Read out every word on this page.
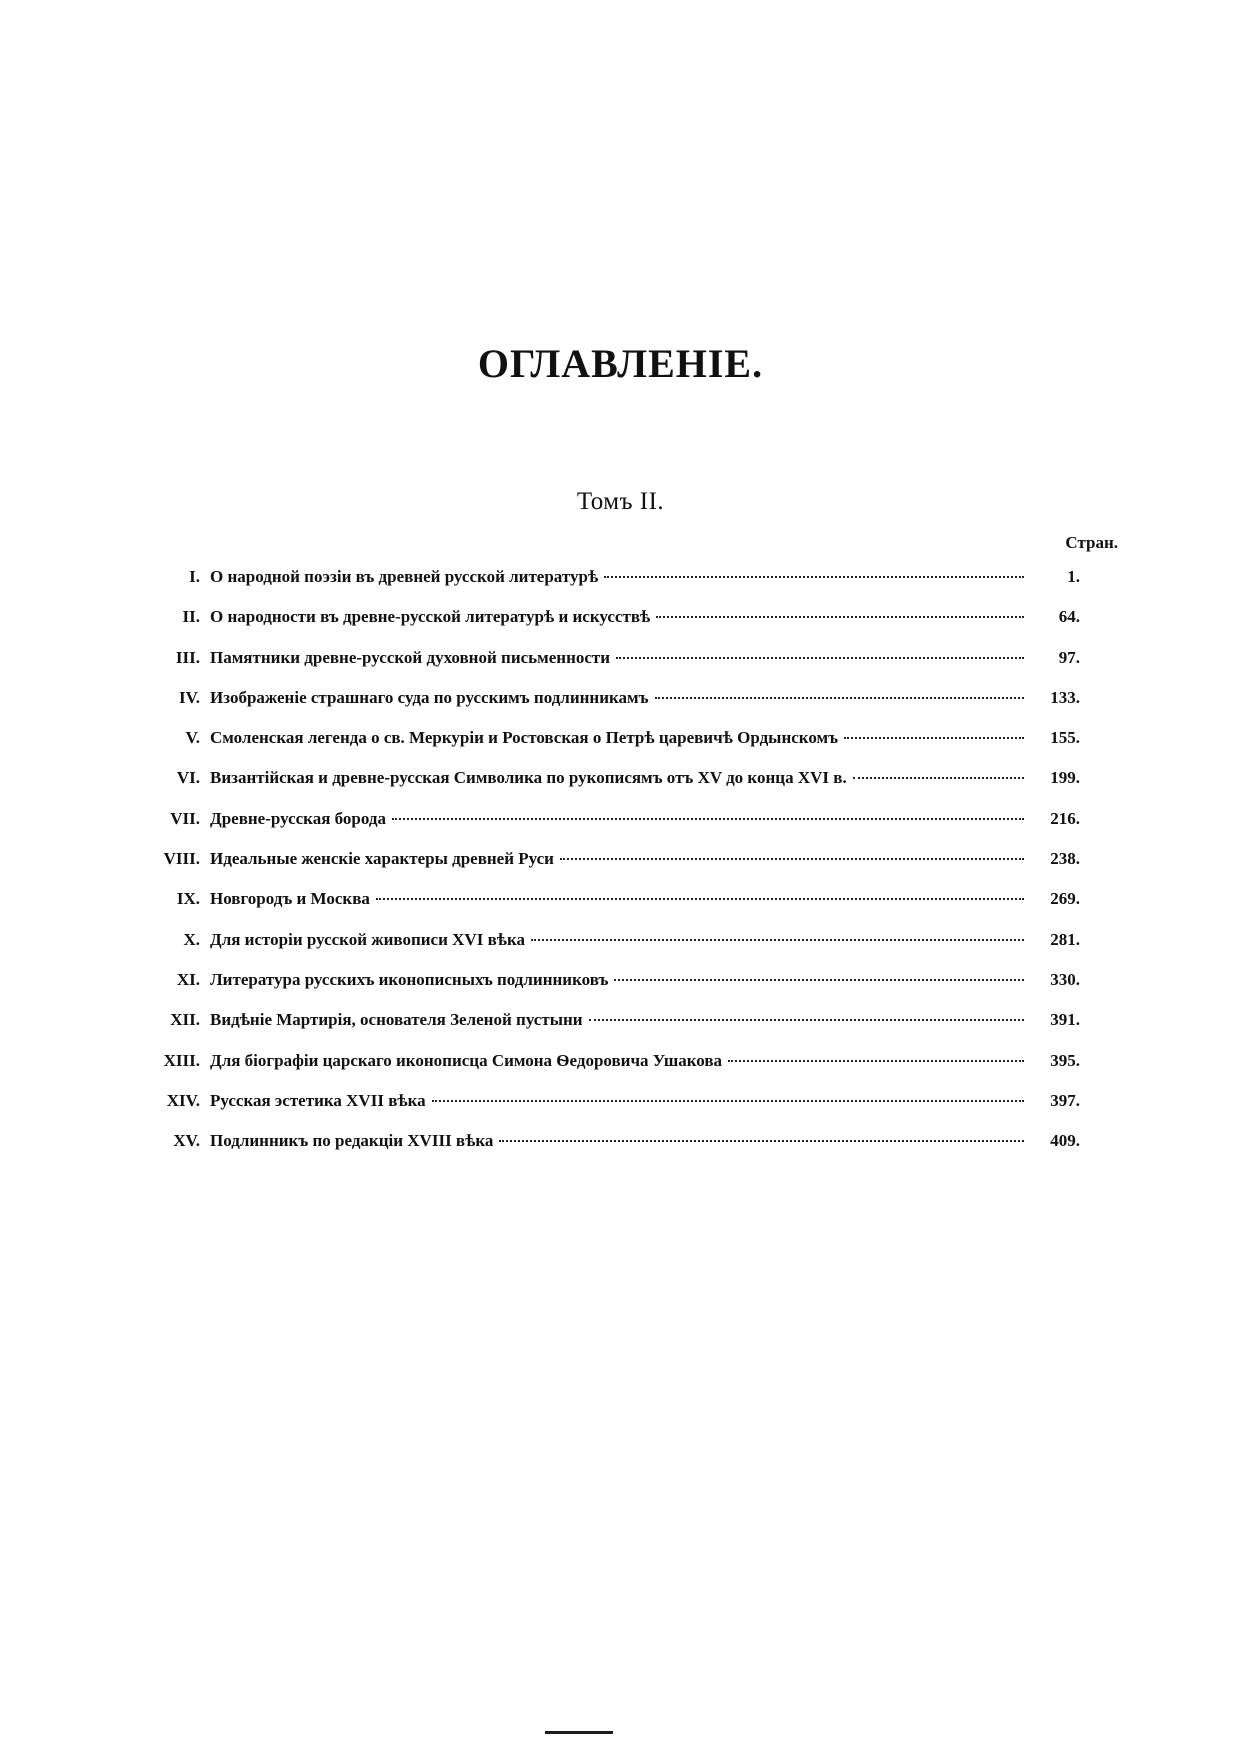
ОГЛАВЛЕНIЕ.
Томъ II.
Стран.
I. О народной поэзіи въ древней русской литературѣ	1.
II. О народности въ древне-русской литературѣ и искусствѣ	64.
III. Памятники древне-русской духовной письменности	97.
IV. Изображеніе страшнаго суда по русскимъ подлинникамъ	133.
V. Смоленская легенда о св. Меркуріи и Ростовская о Петрѣ царевичѣ Ордынскомъ	155.
VI. Византійская и древне-русская Символика по рукописямъ отъ XV до конца XVI в.	199.
VII. Древне-русская борода	216.
VIII. Идеальные женскіе характеры древней Руси	238.
IX. Новгородъ и Москва	269.
X. Для исторіи русской живописи XVI вѣка	281.
XI. Литература русскихъ иконописныхъ подлинниковъ	330.
XII. Видѣніе Мартирія, основателя Зеленой пустыни	391.
XIII. Для біографіи царскаго иконописца Симона Ѳедоровича Ушакова	395.
XIV. Русская эстетика XVII вѣка	397.
XV. Подлинникъ по редакціи XVIII вѣка	409.
